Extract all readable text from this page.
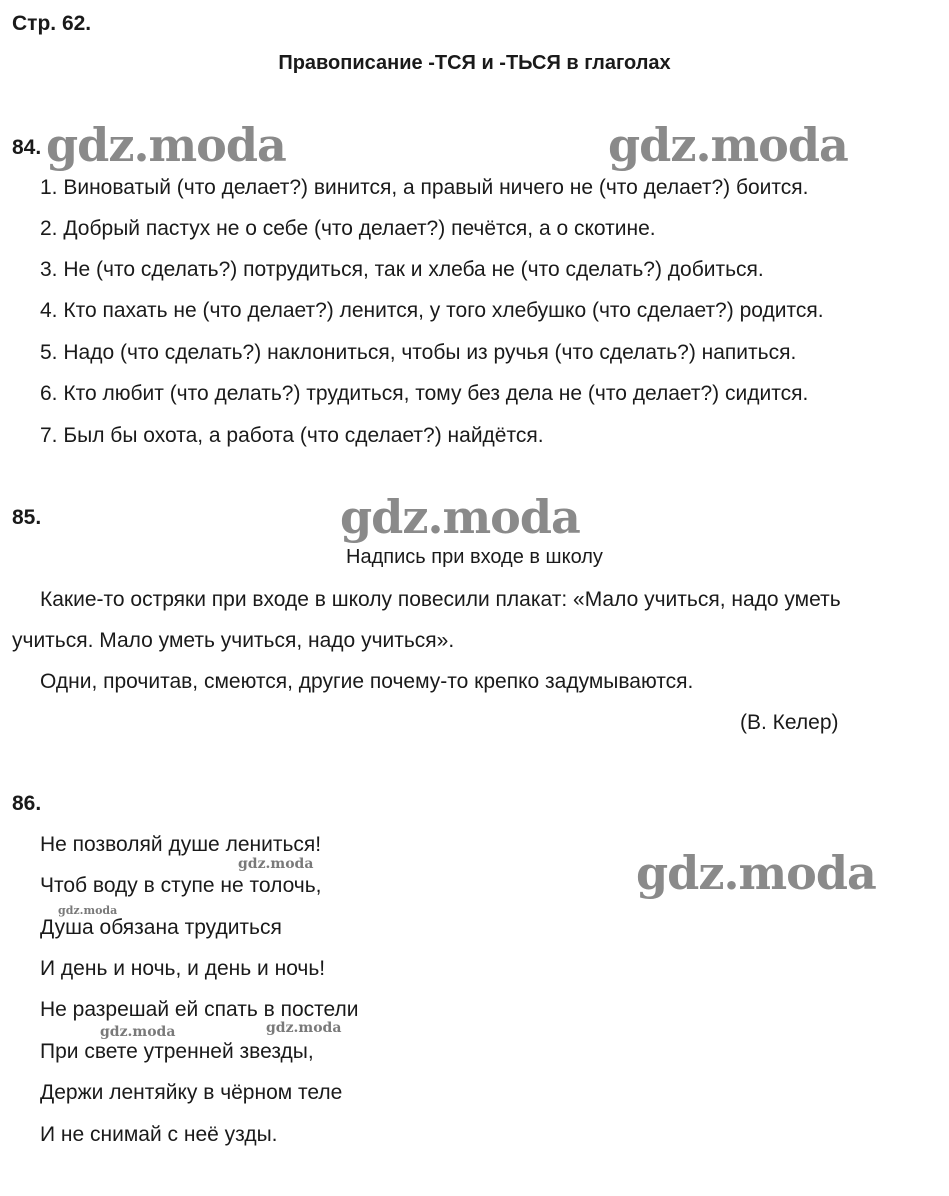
Стр. 62.
Правописание -ТСЯ и -ТЬСЯ в глаголах
84. gdz.moda	gdz.moda
1. Виноватый (что делает?) винится, а правый ничего не (что делает?) боится.
2. Добрый пастух не о себе (что делает?) печётся, а о скотине.
3. Не (что сделать?) потрудиться, так и хлеба не (что сделать?) добиться.
4. Кто пахать не (что делает?) ленится, у того хлебушко (что сделает?) родится.
5. Надо (что сделать?) наклониться, чтобы из ручья (что сделать?) напиться.
6. Кто любит (что делать?) трудиться, тому без дела не (что делает?) сидится.
7. Был бы охота, а работа (что сделает?) найдётся.
85.	gdz.moda
Надпись при входе в школу
Какие-то остряки при входе в школу повесили плакат: «Мало учиться, надо уметь
учиться. Мало уметь учиться, надо учиться».
Одни, прочитав, смеются, другие почему-то крепко задумываются.
(В. Келер)
86.
gdz.moda
gdz.moda
gdz.moda
gdz.moda	gdz.moda
Не позволяй душе лениться!
Чтоб воду в ступе не толочь,
Душа обязана трудиться
И день и ночь, и день и ночь!
Не разрешай ей спать в постели
При свете утренней звезды,
Держи лентяйку в чёрном теле
И не снимай с неё узды.
